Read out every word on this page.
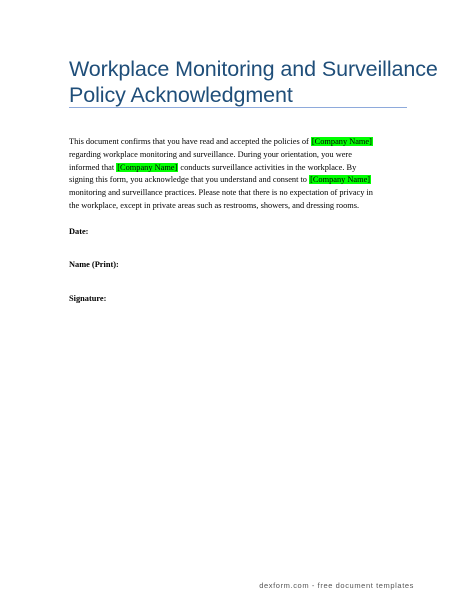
Workplace Monitoring and Surveillance
Policy Acknowledgment

This document confirms that you have read and accepted the policies of [Company Name]
regarding workplace monitoring and surveillance. During your orientation, you were
informed that [Company Name] conducts surveillance activities in the workplace. By
signing this form, you acknowledge that you understand and consent to [Company Name]
monitoring and surveillance practices. Please note that there is no expectation of privacy in
the workplace, except in private areas such as restrooms, showers, and dressing rooms.

Date:

Name (Print):

Signature:

dexform.com - free document templates
